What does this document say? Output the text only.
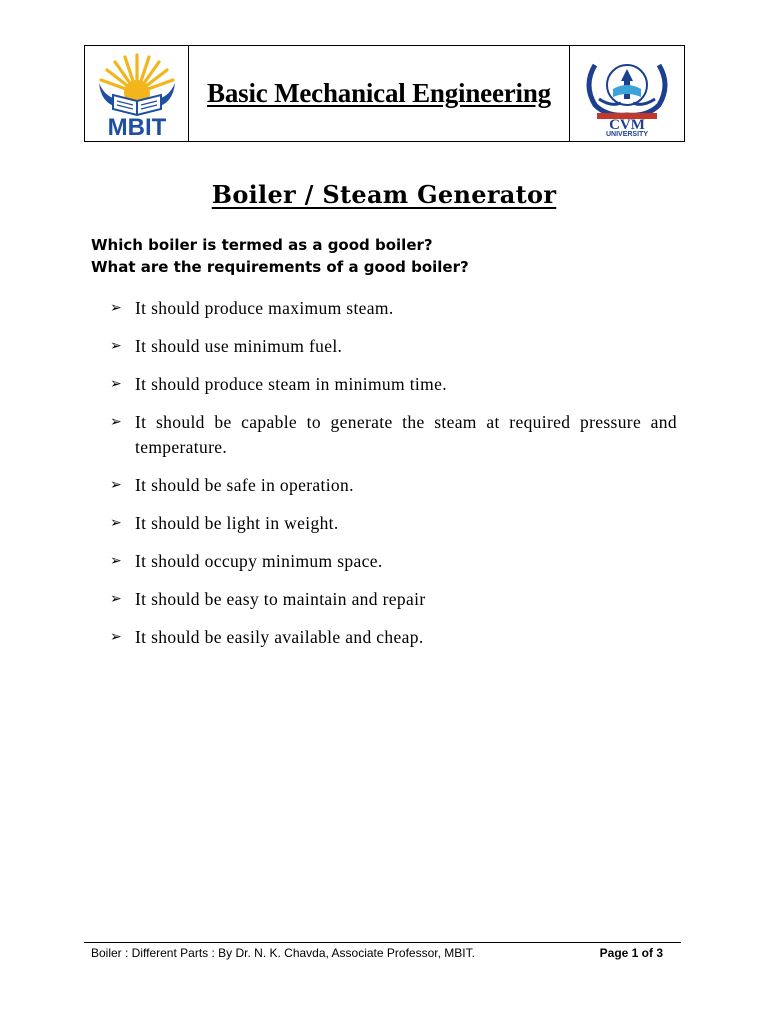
MBIT
Basic Mechanical Engineering
CVM
UNIVERSITY
Boiler / Steam Generator
Which boiler is termed as a good boiler?
What are the requirements of a good boiler?
➢ It should produce maximum steam.
➢ It should use minimum fuel.
➢ It should produce steam in minimum time.
➢ It should be capable to generate the steam at required pressure and temperature.
➢ It should be safe in operation.
➢ It should be light in weight.
➢ It should occupy minimum space.
➢ It should be easy to maintain and repair
➢ It should be easily available and cheap.
Boiler : Different Parts : By Dr. N. K. Chavda, Associate Professor, MBIT.	Page 1 of 3
